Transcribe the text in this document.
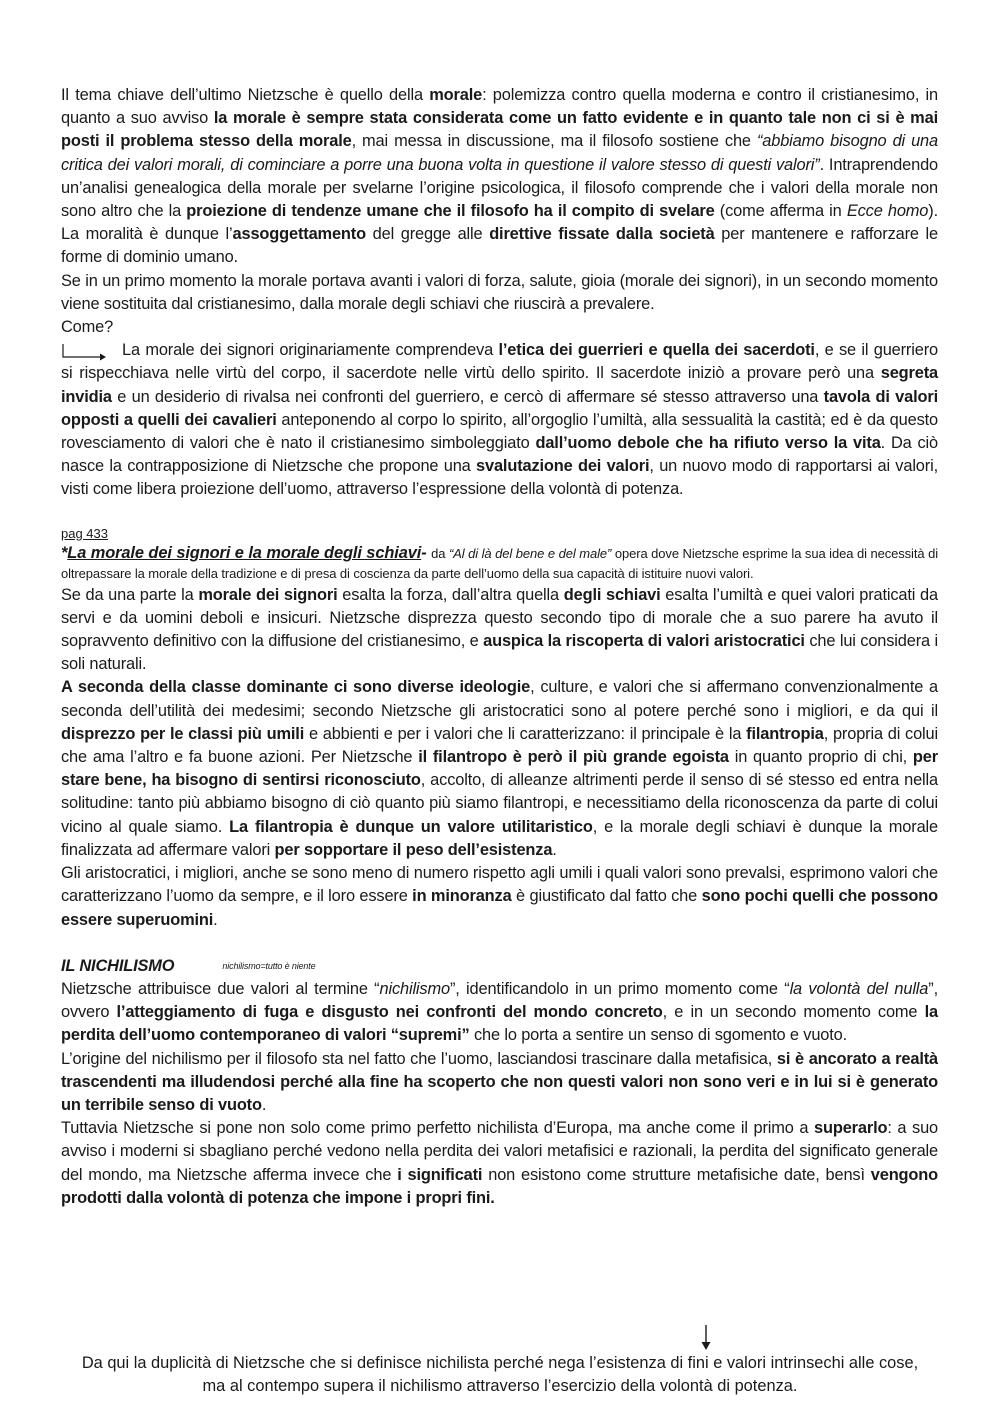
Il tema chiave dell’ultimo Nietzsche è quello della morale: polemizza contro quella moderna e contro il cristianesimo, in quanto a suo avviso la morale è sempre stata considerata come un fatto evidente e in quanto tale non ci si è mai posti il problema stesso della morale, mai messa in discussione, ma il filosofo sostiene che “abbiamo bisogno di una critica dei valori morali, di cominciare a porre una buona volta in questione il valore stesso di questi valori”. Intraprendendo un’analisi genealogica della morale per svelarne l’origine psicologica, il filosofo comprende che i valori della morale non sono altro che la proiezione di tendenze umane che il filosofo ha il compito di svelare (come afferma in Ecce homo). La moralità è dunque l’assoggettamento del gregge alle direttive fissate dalla società per mantenere e rafforzare le forme di dominio umano.

Se in un primo momento la morale portava avanti i valori di forza, salute, gioia (morale dei signori), in un secondo momento viene sostituita dal cristianesimo, dalla morale degli schiavi che riuscirà a prevalere.

Come?

La morale dei signori originariamente comprendeva l’etica dei guerrieri e quella dei sacerdoti, e se il guerriero si rispecchiava nelle virtù del corpo, il sacerdote nelle virtù dello spirito. Il sacerdote iniziò a provare però una segreta invidia e un desiderio di rivalsa nei confronti del guerriero, e cercò di affermare sé stesso attraverso una tavola di valori opposti a quelli dei cavalieri anteponendo al corpo lo spirito, all’orgoglio l’umiltà, alla sessualità la castità; ed è da questo rovesciamento di valori che è nato il cristianesimo simboleggiato dall’uomo debole che ha rifiuto verso la vita. Da ciò nasce la contrapposizione di Nietzsche che propone una svalutazione dei valori, un nuovo modo di rapportarsi ai valori, visti come libera proiezione dell’uomo, attraverso l’espressione della volontà di potenza.

pag 433

*La morale dei signori e la morale degli schiavi- da “Al di là del bene e del male” opera dove Nietzsche esprime la sua idea di necessità di oltrepassare la morale della tradizione e di presa di coscienza da parte dell’uomo della sua capacità di istituire nuovi valori.

Se da una parte la morale dei signori esalta la forza, dall’altra quella degli schiavi esalta l’umiltà e quei valori praticati da servi e da uomini deboli e insicuri. Nietzsche disprezza questo secondo tipo di morale che a suo parere ha avuto il sopravvento definitivo con la diffusione del cristianesimo, e auspica la riscoperta di valori aristocratici che lui considera i soli naturali.

A seconda della classe dominante ci sono diverse ideologie, culture, e valori che si affermano convenzionalmente a seconda dell’utilità dei medesimi; secondo Nietzsche gli aristocratici sono al potere perché sono i migliori, e da qui il disprezzo per le classi più umili e abbienti e per i valori che li caratterizzano: il principale è la filantropia, propria di colui che ama l’altro e fa buone azioni. Per Nietzsche il filantropo è però il più grande egoista in quanto proprio di chi, per stare bene, ha bisogno di sentirsi riconosciuto, accolto, di alleanze altrimenti perde il senso di sé stesso ed entra nella solitudine: tanto più abbiamo bisogno di ciò quanto più siamo filantropi, e necessitiamo della riconoscenza da parte di colui vicino al quale siamo. La filantropia è dunque un valore utilitaristico, e la morale degli schiavi è dunque la morale finalizzata ad affermare valori per sopportare il peso dell’esistenza.

Gli aristocratici, i migliori, anche se sono meno di numero rispetto agli umili i quali valori sono prevalsi, esprimono valori che caratterizzano l’uomo da sempre, e il loro essere in minoranza è giustificato dal fatto che sono pochi quelli che possono essere superuomini.

IL NICHILISMO	nichilismo=tutto è niente

Nietzsche attribuisce due valori al termine “nichilismo”, identificandolo in un primo momento come “la volontà del nulla”, ovvero l’atteggiamento di fuga e disgusto nei confronti del mondo concreto, e in un secondo momento come la perdita dell’uomo contemporaneo di valori “supremi” che lo porta a sentire un senso di sgomento e vuoto.

L’origine del nichilismo per il filosofo sta nel fatto che l’uomo, lasciandosi trascinare dalla metafisica, si è ancorato a realtà trascendenti ma illudendosi perché alla fine ha scoperto che non questi valori non sono veri e in lui si è generato un terribile senso di vuoto.

Tuttavia Nietzsche si pone non solo come primo perfetto nichilista d’Europa, ma anche come il primo a superarlo: a suo avviso i moderni si sbagliano perché vedono nella perdita dei valori metafisici e razionali, la perdita del significato generale del mondo, ma Nietzsche afferma invece che i significati non esistono come strutture metafisiche date, bensì vengono prodotti dalla volontà di potenza che impone i propri fini.

Da qui la duplicità di Nietzsche che si definisce nichilista perché nega l’esistenza di fini e valori intrinsechi alle cose, ma al contempo supera il nichilismo attraverso l’esercizio della volontà di potenza.
